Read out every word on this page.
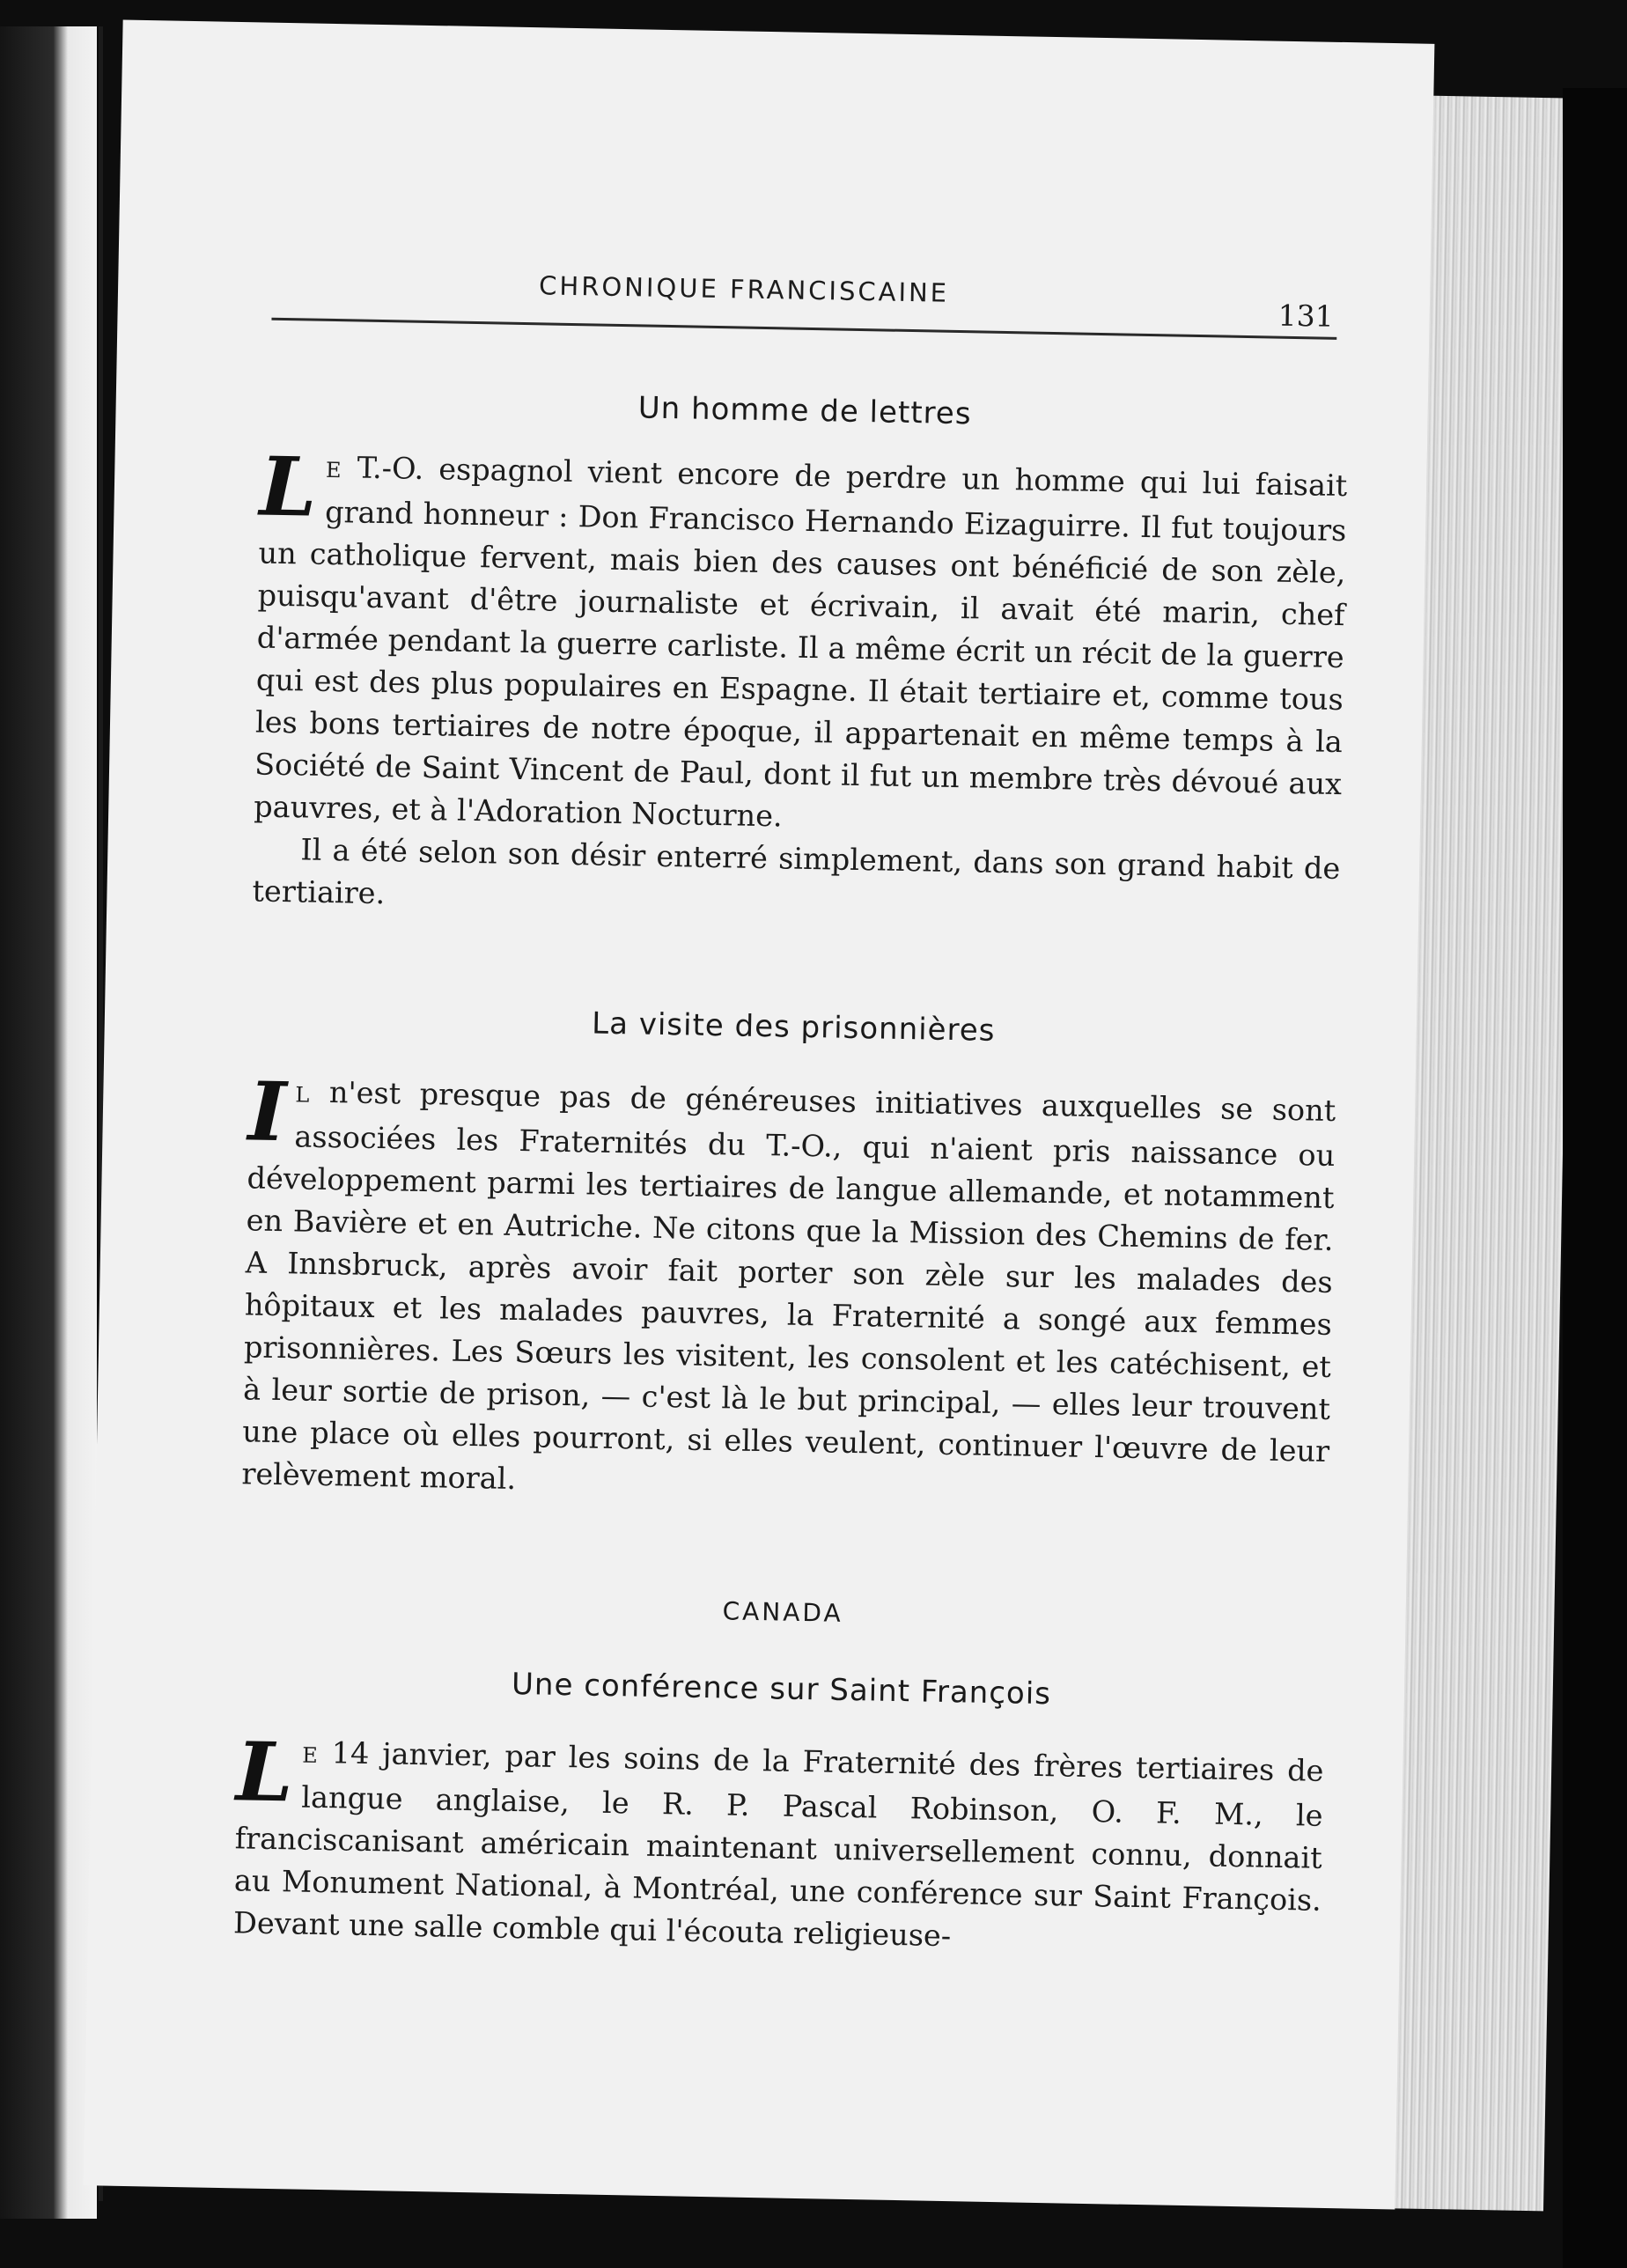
CHRONIQUE FRANCISCAINE
131
Un homme de lettres

L E T.-O. espagnol vient encore de perdre un homme qui lui faisait grand honneur : Don Francisco Hernando Eizaguirre. Il fut toujours un catholique fervent, mais bien des causes ont bénéficié de son zèle, puisqu'avant d'être journaliste et écrivain, il avait été marin, chef d'armée pendant la guerre carliste. Il a même écrit un récit de la guerre qui est des plus populaires en Espagne. Il était tertiaire et, comme tous les bons tertiaires de notre époque, il appartenait en même temps à la Société de Saint Vincent de Paul, dont il fut un membre très dévoué aux pauvres, et à l'Adoration Nocturne.

Il a été selon son désir enterré simplement, dans son grand habit de tertiaire.

La visite des prisonnières

I L n'est presque pas de généreuses initiatives auxquelles se sont associées les Fraternités du T.-O., qui n'aient pris naissance ou développement parmi les tertiaires de langue allemande, et notamment en Bavière et en Autriche. Ne citons que la Mission des Chemins de fer. A Innsbruck, après avoir fait porter son zèle sur les malades des hôpitaux et les malades pauvres, la Fraternité a songé aux femmes prisonnières. Les Sœurs les visitent, les consolent et les catéchisent, et à leur sortie de prison, — c'est là le but principal, — elles leur trouvent une place où elles pourront, si elles veulent, continuer l'œuvre de leur relèvement moral.

CANADA
Une conférence sur Saint François

L E 14 janvier, par les soins de la Fraternité des frères tertiaires de langue anglaise, le R. P. Pascal Robinson, O. F. M., le franciscanisant américain maintenant universellement connu, donnait au Monument National, à Montréal, une conférence sur Saint François. Devant une salle comble qui l'écouta religieuse-
